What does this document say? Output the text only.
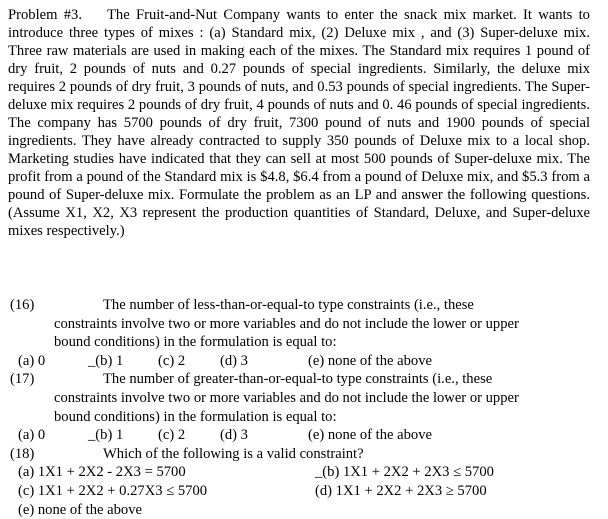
Problem #3. The Fruit-and-Nut Company wants to enter the snack mix market. It wants to introduce three types of mixes : (a) Standard mix, (2) Deluxe mix , and (3) Super-deluxe mix. Three raw materials are used in making each of the mixes. The Standard mix requires 1 pound of dry fruit, 2 pounds of nuts and 0.27 pounds of special ingredients. Similarly, the deluxe mix requires 2 pounds of dry fruit, 3 pounds of nuts, and 0.53 pounds of special ingredients. The Super-deluxe mix requires 2 pounds of dry fruit, 4 pounds of nuts and 0. 46 pounds of special ingredients. The company has 5700 pounds of dry fruit, 7300 pound of nuts and 1900 pounds of special ingredients. They have already contracted to supply 350 pounds of Deluxe mix to a local shop. Marketing studies have indicated that they can sell at most 500 pounds of Super-deluxe mix. The profit from a pound of the Standard mix is $4.8, $6.4 from a pound of Deluxe mix, and $5.3 from a pound of Super-deluxe mix. Formulate the problem as an LP and answer the following questions. (Assume X1, X2, X3 represent the production quantities of Standard, Deluxe, and Super-deluxe mixes respectively.)

(16)	The number of less-than-or-equal-to type constraints (i.e., these
constraints involve two or more variables and do not include the lower or upper
bound conditions) in the formulation is equal to:
(a) 0	_(b) 1	(c) 2	(d) 3	(e) none of the above
(17)	The number of greater-than-or-equal-to type constraints (i.e., these
constraints involve two or more variables and do not include the lower or upper
bound conditions) in the formulation is equal to:
(a) 0	_(b) 1	(c) 2	(d) 3	(e) none of the above
(18)	Which of the following is a valid constraint?
(a) 1X1 + 2X2 - 2X3 = 5700	_(b) 1X1 + 2X2 + 2X3 ≤ 5700
(c) 1X1 + 2X2 + 0.27X3 ≤ 5700	(d) 1X1 + 2X2 + 2X3 ≥ 5700
(e) none of the above
